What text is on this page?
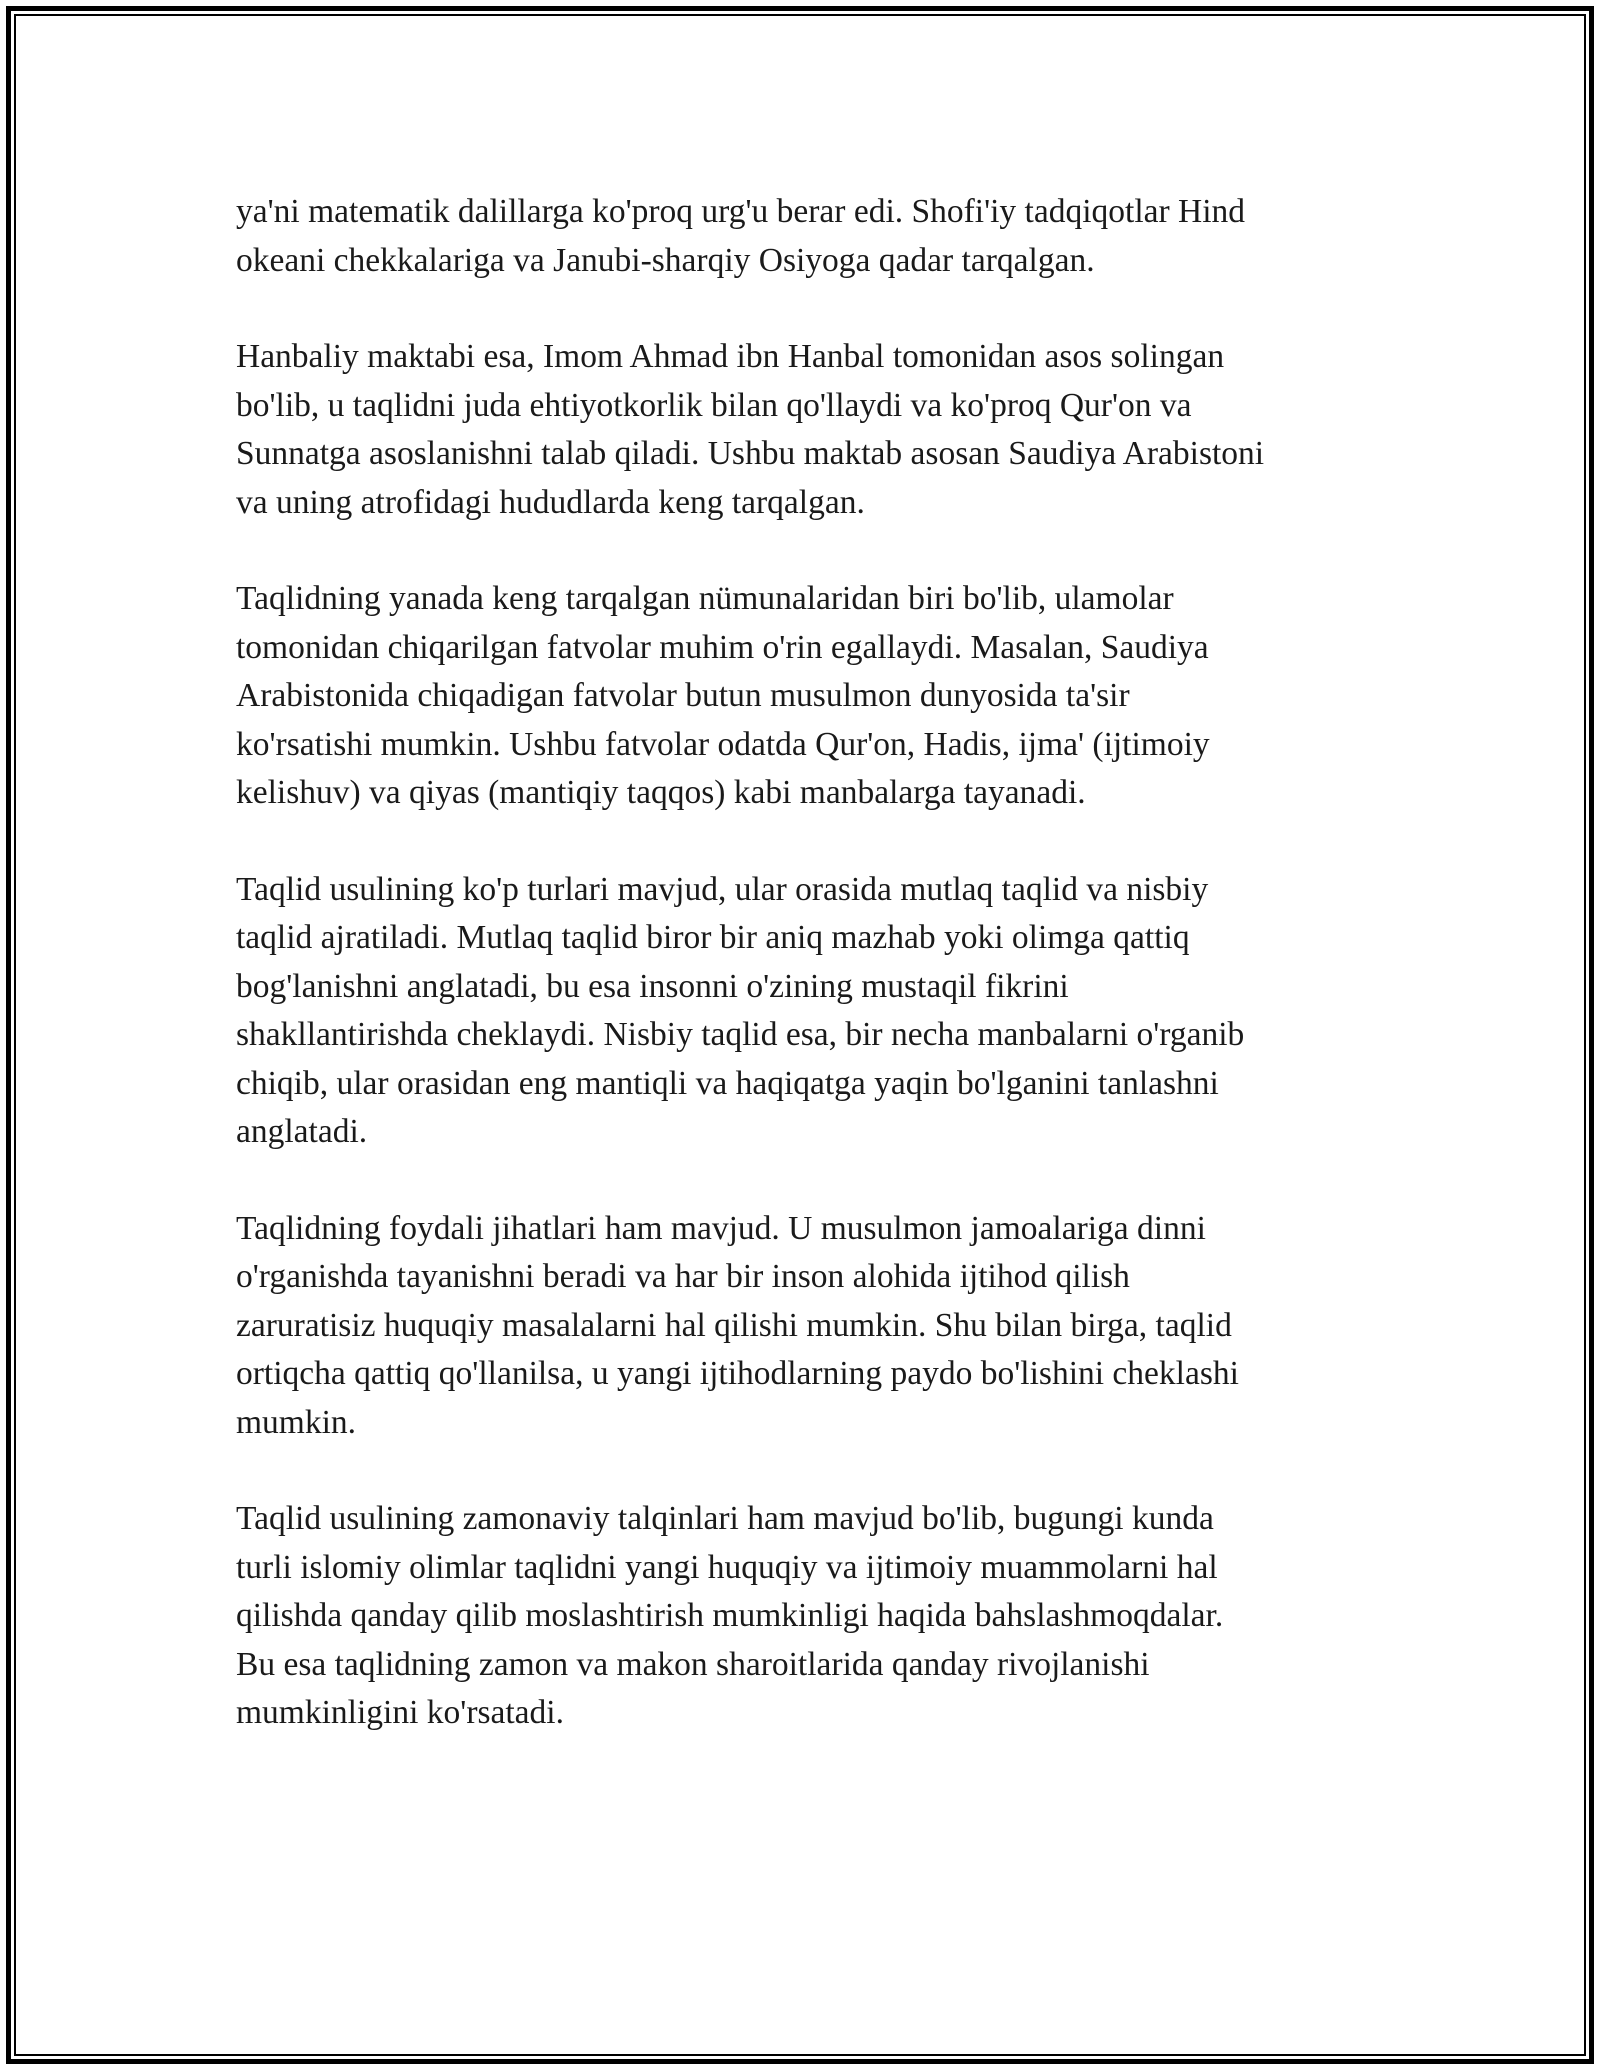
ya'ni matematik dalillarga ko'proq urg'u berar edi. Shofi'iy tadqiqotlar Hind
okeani chekkalariga va Janubi-sharqiy Osiyoga qadar tarqalgan.
Hanbaliy maktabi esa, Imom Ahmad ibn Hanbal tomonidan asos solingan
bo'lib, u taqlidni juda ehtiyotkorlik bilan qo'llaydi va ko'proq Qur'on va
Sunnatga asoslanishni talab qiladi. Ushbu maktab asosan Saudiya Arabistoni
va uning atrofidagi hududlarda keng tarqalgan.
Taqlidning yanada keng tarqalgan nümunalaridan biri bo'lib, ulamolar
tomonidan chiqarilgan fatvolar muhim o'rin egallaydi. Masalan, Saudiya
Arabistonida chiqadigan fatvolar butun musulmon dunyosida ta'sir
ko'rsatishi mumkin. Ushbu fatvolar odatda Qur'on, Hadis, ijma' (ijtimoiy
kelishuv) va qiyas (mantiqiy taqqos) kabi manbalarga tayanadi.
Taqlid usulining ko'p turlari mavjud, ular orasida mutlaq taqlid va nisbiy
taqlid ajratiladi. Mutlaq taqlid biror bir aniq mazhab yoki olimga qattiq
bog'lanishni anglatadi, bu esa insonni o'zining mustaqil fikrini
shakllantirishda cheklaydi. Nisbiy taqlid esa, bir necha manbalarni o'rganib
chiqib, ular orasidan eng mantiqli va haqiqatga yaqin bo'lganini tanlashni
anglatadi.
Taqlidning foydali jihatlari ham mavjud. U musulmon jamoalariga dinni
o'rganishda tayanishni beradi va har bir inson alohida ijtihod qilish
zaruratisiz huquqiy masalalarni hal qilishi mumkin. Shu bilan birga, taqlid
ortiqcha qattiq qo'llanilsa, u yangi ijtihodlarning paydo bo'lishini cheklashi
mumkin.
Taqlid usulining zamonaviy talqinlari ham mavjud bo'lib, bugungi kunda
turli islomiy olimlar taqlidni yangi huquqiy va ijtimoiy muammolarni hal
qilishda qanday qilib moslashtirish mumkinligi haqida bahslashmoqdalar.
Bu esa taqlidning zamon va makon sharoitlarida qanday rivojlanishi
mumkinligini ko'rsatadi.
